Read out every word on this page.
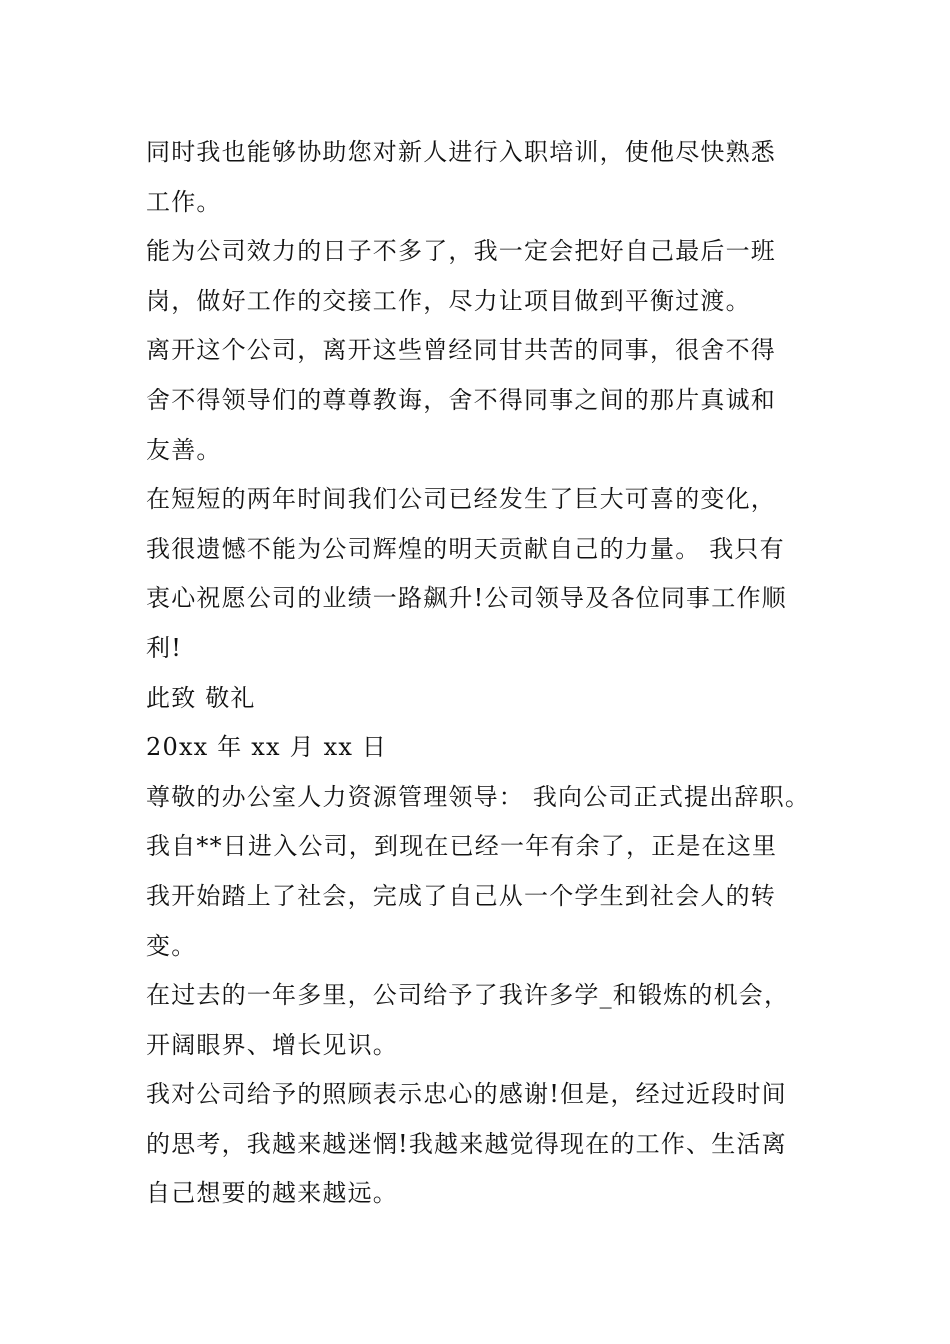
同时我也能够协助您对新人进行入职培训，使他尽快熟悉
工作。
能为公司效力的日子不多了，我一定会把好自己最后一班
岗，做好工作的交接工作，尽力让项目做到平衡过渡。
离开这个公司，离开这些曾经同甘共苦的同事，很舍不得
舍不得领导们的尊尊教诲，舍不得同事之间的那片真诚和
友善。
在短短的两年时间我们公司已经发生了巨大可喜的变化，
我很遗憾不能为公司辉煌的明天贡献自己的力量。 我只有
衷心祝愿公司的业绩一路飙升!公司领导及各位同事工作顺
利!
此致 敬礼
20xx 年 xx 月 xx 日
尊敬的办公室人力资源管理领导： 我向公司正式提出辞职。
我自**日进入公司，到现在已经一年有余了，正是在这里
我开始踏上了社会，完成了自己从一个学生到社会人的转
变。
在过去的一年多里，公司给予了我许多学_和锻炼的机会，
开阔眼界、增长见识。
我对公司给予的照顾表示忠心的感谢!但是，经过近段时间
的思考，我越来越迷惘!我越来越觉得现在的工作、生活离
自己想要的越来越远。
